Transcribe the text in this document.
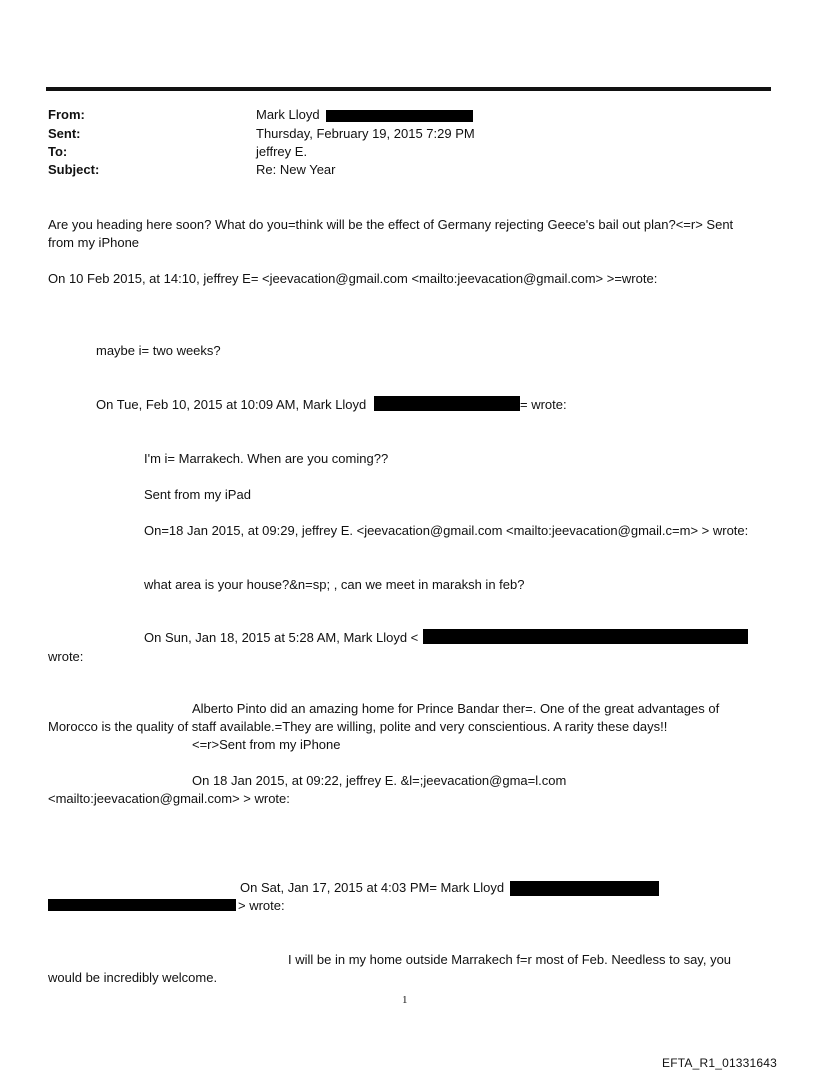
From:	Mark Lloyd
Sent:	Thursday, February 19, 2015 7:29 PM
To:	jeffrey E.
Subject:	Re: New Year
Are you heading here soon? What do you=think will be the effect of Germany rejecting Geece's bail out plan?<=r> Sent
from my iPhone
On 10 Feb 2015, at 14:10, jeffrey E= <jeevacation@gmail.com <mailto:jeevacation@gmail.com> >=wrote:
maybe i= two weeks?
On Tue, Feb 10, 2015 at 10:09 AM, Mark Lloyd	= wrote:
I'm i= Marrakech. When are you coming??
Sent from my iPad
On=18 Jan 2015, at 09:29, jeffrey E. <jeevacation@gmail.com <mailto:jeevacation@gmail.c=m> > wrote:
what area is your house?&n=sp; , can we meet in maraksh in feb?
On Sun, Jan 18, 2015 at 5:28 AM, Mark Lloyd <
wrote:
Alberto Pinto did an amazing home for Prince Bandar ther=. One of the great advantages of
Morocco is the quality of staff available.=They are willing, polite and very conscientious. A rarity these days!!
<=r>Sent from my iPhone
On 18 Jan 2015, at 09:22, jeffrey E. &l=;jeevacation@gma=l.com
<mailto:jeevacation@gmail.com> > wrote:
On Sat, Jan 17, 2015 at 4:03 PM= Mark Lloyd
> wrote:
I will be in my home outside Marrakech f=r most of Feb. Needless to say, you
would be incredibly welcome.
1
EFTA_R1_01331643
